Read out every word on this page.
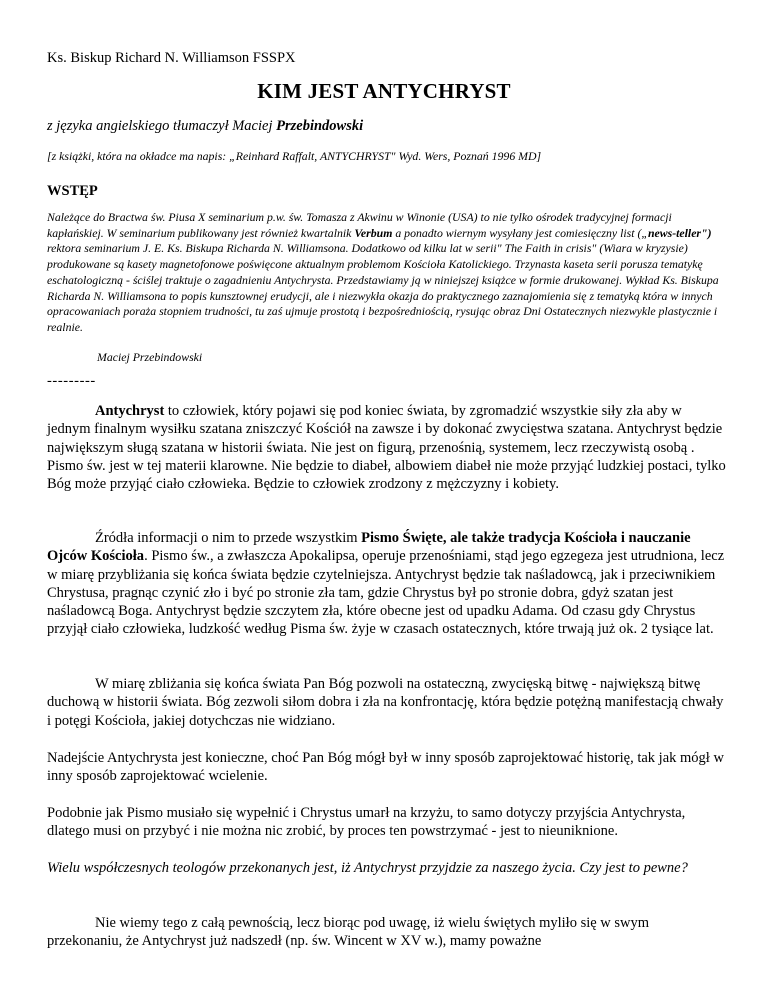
Ks. Biskup Richard N. Williamson FSSPX
KIM JEST ANTYCHRYST
z języka angielskiego tłumaczył Maciej Przebindowski
[z książki, która na okładce ma napis: „Reinhard Raffalt, ANTYCHRYST" Wyd. Wers, Poznań 1996 MD]
WSTĘP

Należące do Bractwa św. Piusa X seminarium p.w. św. Tomasza z Akwinu w Winonie (USA) to nie tylko ośrodek tradycyjnej formacji kapłańskiej. W seminarium publikowany jest również kwartalnik Verbum a ponadto wiernym wysyłany jest comiesięczny list („news-teller") rektora seminarium J. E. Ks. Biskupa Richarda N. Williamsona. Dodatkowo od kilku lat w serii" The Faith in crisis" (Wiara w kryzysie) produkowane są kasety magnetofonowe poświęcone aktualnym problemom Kościoła Katolickiego. Trzynasta kaseta serii porusza tematykę eschatologiczną - ściślej traktuje o zagadnieniu Antychrysta. Przedstawiamy ją w niniejszej książce w formie drukowanej. Wykład Ks. Biskupa Richarda N. Williamsona to popis kunsztownej erudycji, ale i niezwykła okazja do praktycznego zaznajomienia się z tematyką która w innych opracowaniach poraża stopniem trudności, tu zaś ujmuje prostotą i bezpośredniością, rysując obraz Dni Ostatecznych niezwykle plastycznie i realnie.

Maciej Przebindowski
---------

Antychryst to człowiek, który pojawi się pod koniec świata, by zgromadzić wszystkie siły zła aby w jednym finalnym wysiłku szatana zniszczyć Kościół na zawsze i by dokonać zwycięstwa szatana. Antychryst będzie największym sługą szatana w historii świata. Nie jest on figurą, przenośnią, systemem, lecz rzeczywistą osobą . Pismo św. jest w tej materii klarowne. Nie będzie to diabeł, albowiem diabeł nie może przyjąć ludzkiej postaci, tylko Bóg może przyjąć ciało człowieka. Będzie to człowiek zrodzony z mężczyzny i kobiety.

Źródła informacji o nim to przede wszystkim Pismo Święte, ale także tradycja Kościoła i nauczanie Ojców Kościoła. Pismo św., a zwłaszcza Apokalipsa, operuje przenośniami, stąd jego egzegeza jest utrudniona, lecz w miarę przybliżania się końca świata będzie czytelniejsza. Antychryst będzie tak naśladowcą, jak i przeciwnikiem Chrystusa, pragnąc czynić zło i być po stronie zła tam, gdzie Chrystus był po stronie dobra, gdyż szatan jest naśladowcą Boga. Antychryst będzie szczytem zła, które obecne jest od upadku Adama. Od czasu gdy Chrystus przyjął ciało człowieka, ludzkość według Pisma św. żyje w czasach ostatecznych, które trwają już ok. 2 tysiące lat.

W miarę zbliżania się końca świata Pan Bóg pozwoli na ostateczną, zwycięską bitwę - największą bitwę duchową w historii świata. Bóg zezwoli siłom dobra i zła na konfrontację, która będzie potężną manifestacją chwały i potęgi Kościoła, jakiej dotychczas nie widziano.

Nadejście Antychrysta jest konieczne, choć Pan Bóg mógł był w inny sposób zaprojektować historię, tak jak mógł w inny sposób zaprojektować wcielenie.

Podobnie jak Pismo musiało się wypełnić i Chrystus umarł na krzyżu, to samo dotyczy przyjścia Antychrysta, dlatego musi on przybyć i nie można nic zrobić, by proces ten powstrzymać - jest to nieuniknione.

Wielu współczesnych teologów przekonanych jest, iż Antychryst przyjdzie za naszego życia. Czy jest to pewne?

Nie wiemy tego z całą pewnością, lecz biorąc pod uwagę, iż wielu świętych myliło się w swym przekonaniu, że Antychryst już nadszedł (np. św. Wincent w XV w.), mamy poważne
